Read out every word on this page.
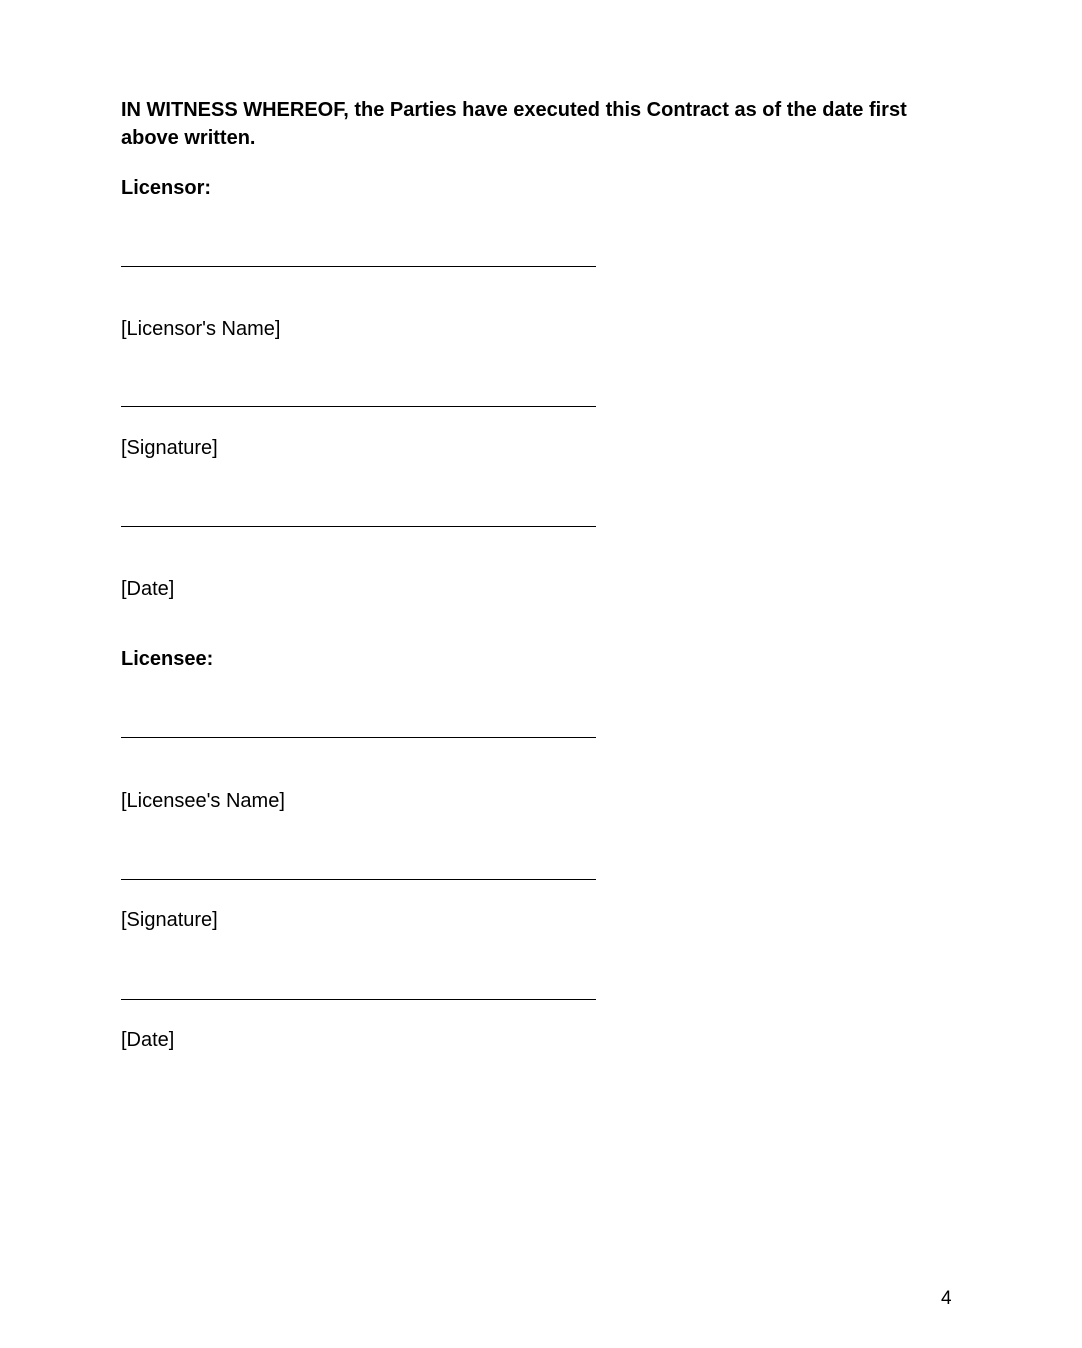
IN WITNESS WHEREOF, the Parties have executed this Contract as of the date first above written.
Licensor:
[Licensor's Name]
[Signature]
[Date]
Licensee:
[Licensee's Name]
[Signature]
[Date]
4
